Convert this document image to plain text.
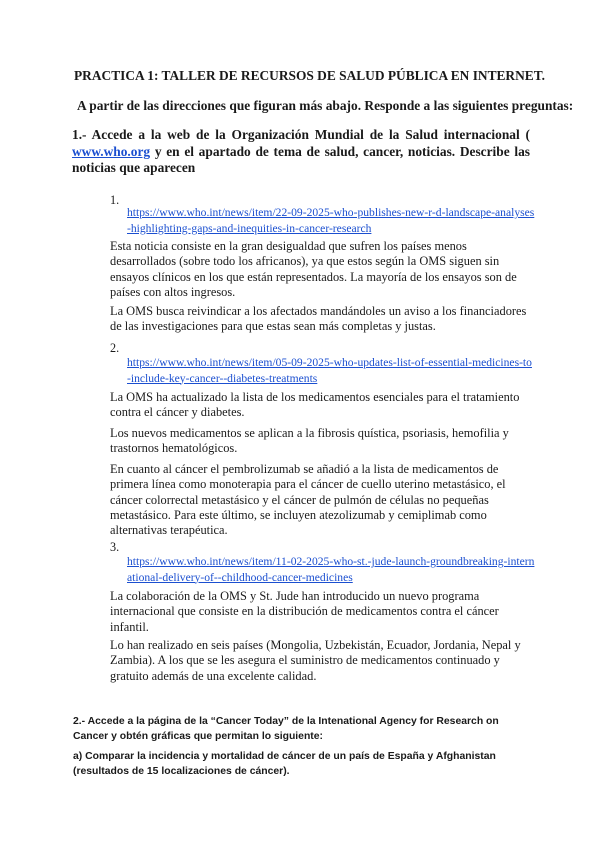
PRACTICA 1: TALLER DE RECURSOS DE SALUD PÚBLICA EN INTERNET.
A partir de las direcciones que figuran más abajo. Responde a las siguientes preguntas:
1.- Accede a la web de la Organización Mundial de la Salud internacional ( www.who.org y en el apartado de tema de salud, cancer, noticias. Describe las noticias que aparecen
1.
https://www.who.int/news/item/22-09-2025-who-publishes-new-r-d-landscape-analyses-highlighting-gaps-and-inequities-in-cancer-research
Esta noticia consiste en la gran desigualdad que sufren los países menos desarrollados (sobre todo los africanos), ya que estos según la OMS siguen sin ensayos clínicos en los que están representados. La mayoría de los ensayos son de países con altos ingresos.
La OMS busca reivindicar a los afectados mandándoles un aviso a los financiadores de las investigaciones para que estas sean más completas y justas.
2.
https://www.who.int/news/item/05-09-2025-who-updates-list-of-essential-medicines-to-include-key-cancer--diabetes-treatments
La OMS ha actualizado la lista de los medicamentos esenciales para el tratamiento contra el cáncer y diabetes.
Los nuevos medicamentos se aplican a la fibrosis quística, psoriasis, hemofilia y trastornos hematológicos.
En cuanto al cáncer el pembrolizumab se añadió a la lista de medicamentos de primera línea como monoterapia para el cáncer de cuello uterino metastásico, el cáncer colorrectal metastásico y el cáncer de pulmón de células no pequeñas metastásico. Para este último, se incluyen atezolizumab y cemiplimab como alternativas terapéutica.
3.
https://www.who.int/news/item/11-02-2025-who-st.-jude-launch-groundbreaking-international-delivery-of--childhood-cancer-medicines
La colaboración de la OMS y St. Jude han introducido un nuevo programa internacional que consiste en la distribución de medicamentos contra el cáncer infantil.
Lo han realizado en seis países (Mongolia, Uzbekistán, Ecuador, Jordania, Nepal y Zambia). A los que se les asegura el suministro de medicamentos continuado y gratuito además de una excelente calidad.
2.- Accede a la página de la “Cancer Today” de la Intenational Agency for Research on Cancer y obtén gráficas que permitan lo siguiente:
a) Comparar la incidencia y mortalidad de cáncer de un país de España y Afghanistan (resultados de 15 localizaciones de cáncer).
